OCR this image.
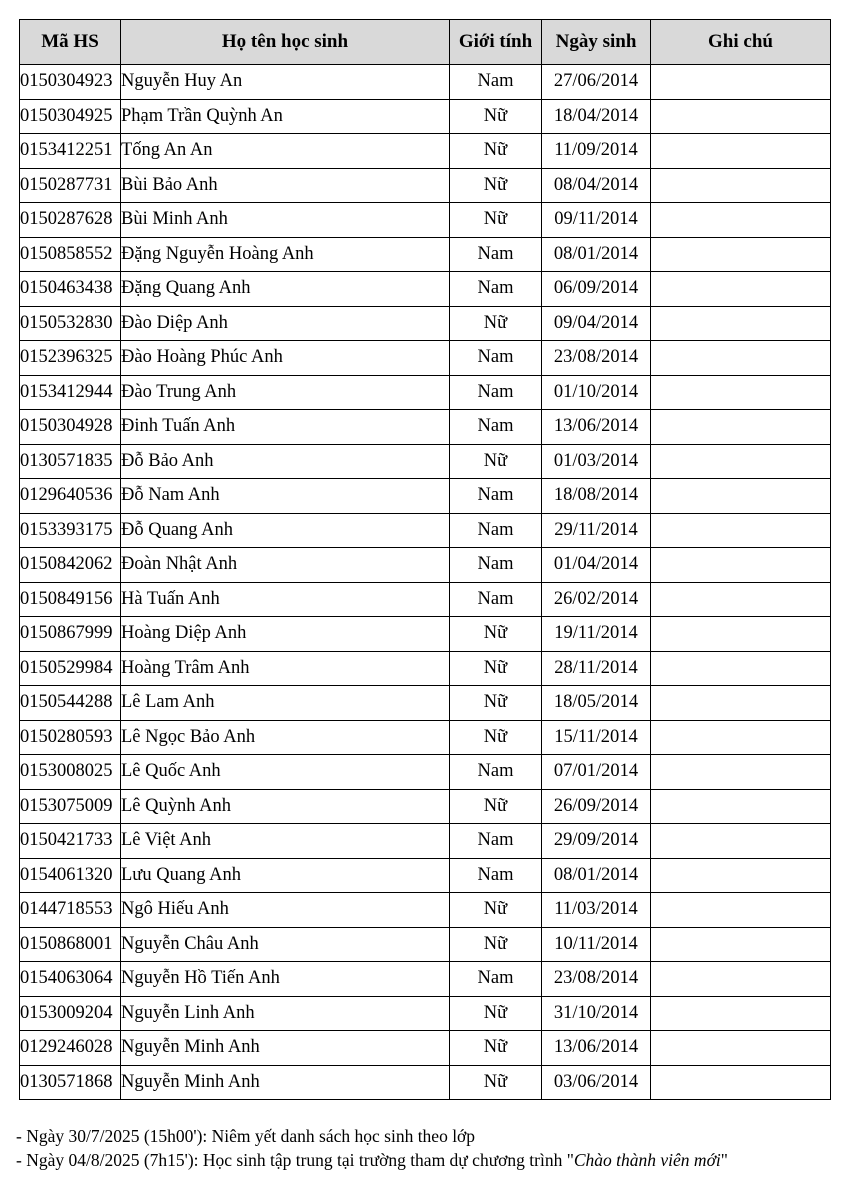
Mã HS	Họ tên học sinh	Giới tính	Ngày sinh	Ghi chú
0150304923	Nguyễn Huy An	Nam	27/06/2014	
0150304925	Phạm Trần Quỳnh An	Nữ	18/04/2014	
0153412251	Tống An An	Nữ	11/09/2014	
0150287731	Bùi Bảo Anh	Nữ	08/04/2014	
0150287628	Bùi Minh Anh	Nữ	09/11/2014	
0150858552	Đặng Nguyễn Hoàng Anh	Nam	08/01/2014	
0150463438	Đặng Quang Anh	Nam	06/09/2014	
0150532830	Đào Diệp Anh	Nữ	09/04/2014	
0152396325	Đào Hoàng Phúc Anh	Nam	23/08/2014	
0153412944	Đào Trung Anh	Nam	01/10/2014	
0150304928	Đinh Tuấn Anh	Nam	13/06/2014	
0130571835	Đỗ Bảo Anh	Nữ	01/03/2014	
0129640536	Đỗ Nam Anh	Nam	18/08/2014	
0153393175	Đỗ Quang Anh	Nam	29/11/2014	
0150842062	Đoàn Nhật Anh	Nam	01/04/2014	
0150849156	Hà Tuấn Anh	Nam	26/02/2014	
0150867999	Hoàng Diệp Anh	Nữ	19/11/2014	
0150529984	Hoàng Trâm Anh	Nữ	28/11/2014	
0150544288	Lê Lam Anh	Nữ	18/05/2014	
0150280593	Lê Ngọc Bảo Anh	Nữ	15/11/2014	
0153008025	Lê Quốc Anh	Nam	07/01/2014	
0153075009	Lê Quỳnh Anh	Nữ	26/09/2014	
0150421733	Lê Việt Anh	Nam	29/09/2014	
0154061320	Lưu Quang Anh	Nam	08/01/2014	
0144718553	Ngô Hiếu Anh	Nữ	11/03/2014	
0150868001	Nguyễn Châu Anh	Nữ	10/11/2014	
0154063064	Nguyễn Hồ Tiến Anh	Nam	23/08/2014	
0153009204	Nguyễn Linh Anh	Nữ	31/10/2014	
0129246028	Nguyễn Minh Anh	Nữ	13/06/2014	
0130571868	Nguyễn Minh Anh	Nữ	03/06/2014	
- Ngày 30/7/2025 (15h00'): Niêm yết danh sách học sinh theo lớp
- Ngày 04/8/2025 (7h15'): Học sinh tập trung tại trường tham dự chương trình "Chào thành viên mới"
